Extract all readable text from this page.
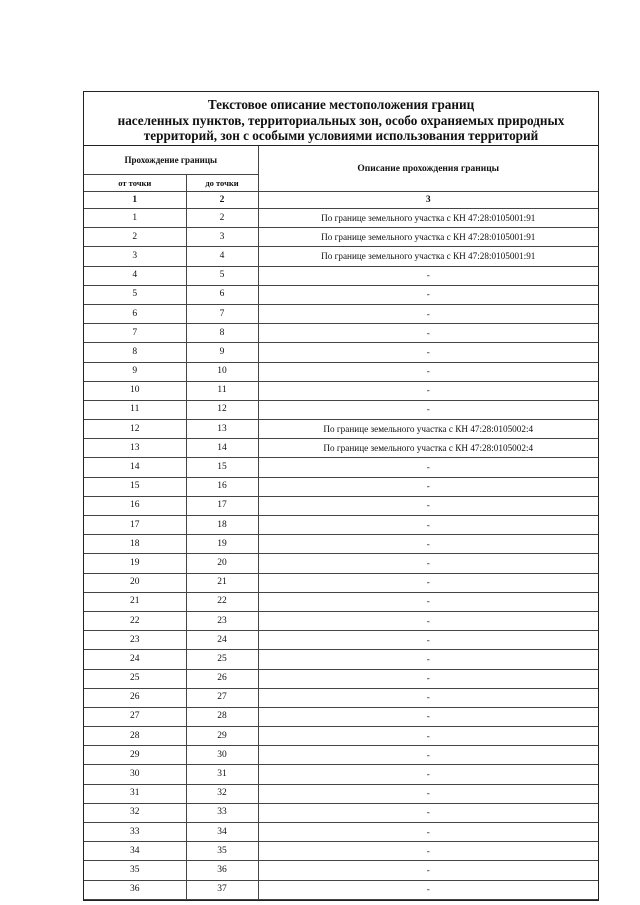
Текстовое описание местоположения границ
населенных пунктов, территориальных зон, особо охраняемых природных
территорий, зон с особыми условиями использования территорий
Прохождение границы		Описание прохождения границы
от точки	до точки	
1	2	3
1	2	По границе земельного участка с КН 47:28:0105001:91
2	3	По границе земельного участка с КН 47:28:0105001:91
3	4	По границе земельного участка с КН 47:28:0105001:91
4	5	-
5	6	-
6	7	-
7	8	-
8	9	-
9	10	-
10	11	-
11	12	-
12	13	По границе земельного участка с КН 47:28:0105002:4
13	14	По границе земельного участка с КН 47:28:0105002:4
14	15	-
15	16	-
16	17	-
17	18	-
18	19	-
19	20	-
20	21	-
21	22	-
22	23	-
23	24	-
24	25	-
25	26	-
26	27	-
27	28	-
28	29	-
29	30	-
30	31	-
31	32	-
32	33	-
33	34	-
34	35	-
35	36	-
36	37	-
